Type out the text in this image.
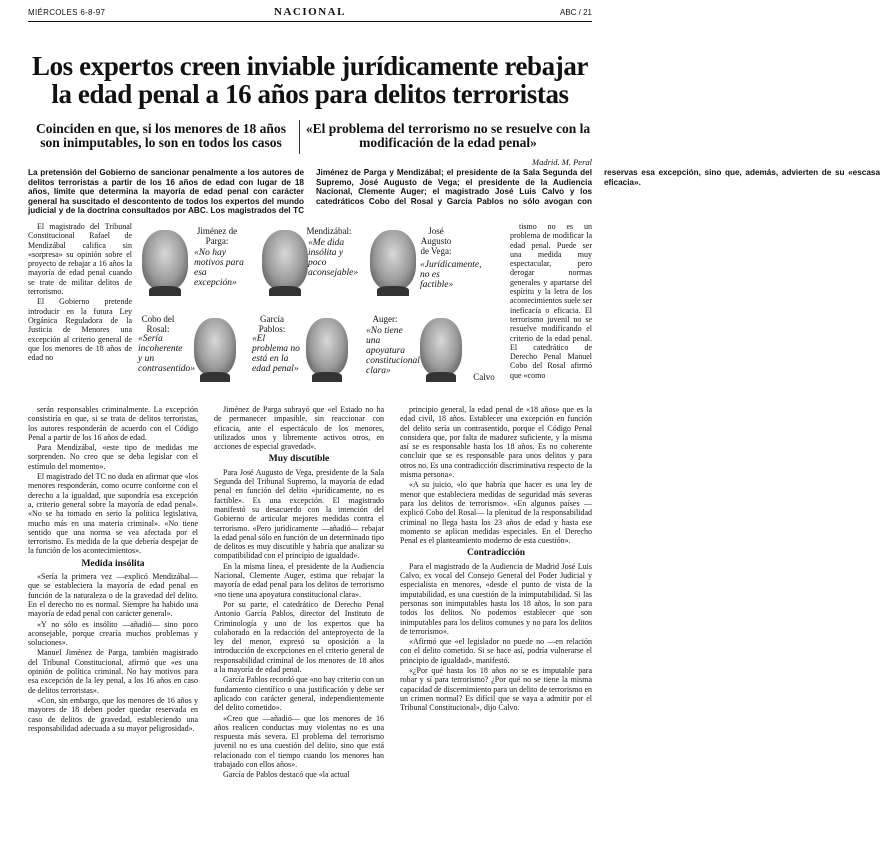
MIÉRCOLES 6-8-97	NACIONAL	ABC / 21
Los expertos creen inviable jurídicamente rebajar la edad penal a 16 años para delitos terroristas
Coinciden en que, si los menores de 18 años son inimputables, lo son en todos los casos
«El problema del terrorismo no se resuelve con la modificación de la edad penal»
Madrid. M. Peral
La pretensión del Gobierno de sancionar penalmente a los autores de delitos terroristas a partir de los 16 años de edad con lugar de 18 años, límite que determina la mayoría de edad penal con carácter general ha suscitado el descontento de todos los expertos del mundo judicial y de la doctrina consultados por ABC. Los magistrados del TC Jiménez de Parga y Mendizábal; el presidente de la Sala Segunda del Supremo, José Augusto de Vega; el presidente de la Audiencia Nacional, Clemente Auger; el magistrado José Luis Calvo y los catedráticos Cobo del Rosal y García Pablos no sólo avogan con reservas esa excepción, sino que, además, advierten de su «escasa eficacia».

El magistrado del Tribunal Constitucional Rafael de Mendizábal califica sin «sorpresa» su opinión sobre el proyecto de rebajar a 16 años la mayoría de edad penal cuando se trate de militar delitos de terrorismo.

El Gobierno pretende introducir en la futura Ley Orgánica Reguladora de la Justicia de Menores una excepción al criterio general de que los menores de 18 años de edad no

Jiménez de Parga:
«No hay motivos para esa excepción»
Mendizábal:
«Me dida insólita y poco aconsejable»
José Augusto de Vega:
«Jurídicamente, no es factible»
Cobo del Rosal:
«Sería incoherente y un contrasentido»
García Pablos:
«El problema no está en la edad penal»
Auger:
«No tiene una apoyatura constitucional clara»
Calvo

tismo no es un problema de modificar la edad penal. Puede ser una medida muy espectacular, pero derogar normas generales y apartarse del espíritu y la letra de los acontecimientos suele ser ineficacia o eficacia. El terrorismo juvenil no se resuelve modificando el criterio de la edad penal. El catedrático de Derecho Penal Manuel Cobo del Rosal afirmó que «como

serán responsables criminalmente. La excepción consistiría en que, si se trata de delitos terroristas, los autores responderán de acuerdo con el Código Penal a partir de los 16 años de edad.

Para Mendizábal, «este tipo de medidas me sorprenden. No creo que se deba legislar con el estímulo del momento».

El magistrado del TC no duda en afirmar que «los menores responderán, como ocurre conforme con el derecho a la igualdad, que supondría esa excepción a, criterio general sobre la mayoría de edad penal». «No se ha tomado en serio la política legislativa, mucho más en una materia criminal». «No tiene sentido que una norma se vea afectada por el terrorismo. Es medida de la que debería despejar de la función de los acontecimientos».

Medida insólita

«Sería la primera vez —explicó Mendizábal— que se estableciera la mayoría de edad penal en función de la naturaleza o de la gravedad del delito. En el derecho no es normal. Siempre ha habido una mayoría de edad penal con carácter general».

«Y no sólo es insólito —añadió— sino poco aconsejable, porque crearía muchos problemas y soluciones».

Manuel Jiménez de Parga, también magistrado del Tribunal Constitucional, afirmó que «es una opinión de política criminal. No hay motivos para esa excepción de la ley penal, a los 16 años en caso de delitos terroristas».

«Con, sin embargo, que los menores de 16 años y mayores de 18 deben poder quedar reservada en caso de delitos de gravedad, estableciendo una responsabilidad adecuada a su mayor peligrosidad».

Jiménez de Parga subrayó que «el Estado no ha de permanecer impasible, sin reaccionar con eficacia, ante el espectáculo de los menores, utilizados unos y libremente activos otros, en acciones de especial gravedad».

Muy discutible

Para José Augusto de Vega, presidente de la Sala Segunda del Tribunal Supremo, la mayoría de edad penal en función del delito «jurídicamente, no es factible». Es una excepción. El magistrado manifestó su desacuerdo con la intención del Gobierno de articular mejores medidas contra el terrorismo. «Pero jurídicamente —añadió— rebajar la edad penal sólo en función de un determinado tipo de delitos es muy discutible y habría que analizar su compatibilidad con el principio de igualdad».

En la misma línea, el presidente de la Audiencia Nacional, Clemente Auger, estima que rebajar la mayoría de edad penal para los delitos de terrorismo «no tiene una apoyatura constitucional clara».

Por su parte, el catedrático de Derecho Penal Antonio García Pablos, director del Instituto de Criminología y uno de los expertos que ha colaborado en la redacción del anteproyecto de la ley del menor, expresó su oposición a la introducción de excepciones en el criterio general de responsabilidad criminal de los menores de 18 años a la mayoría de edad penal.

García Pablos recordó que «no hay criterio con un fundamento científico o una justificación y debe ser aplicado con carácter general, independientemente del delito cometido».

«Creo que —añadió— que los menores de 16 años realicen conductas muy violentas no es una respuesta más severa. El problema del terrorismo juvenil no es una cuestión del delito, sino que está relacionado con el tiempo cuando los menores han trabajado con ellos años».

García de Pablos destacó que «la actual

principio general, la edad penal de «18 años» que es la edad civil, 18 años. Establecer una excepción en función del delito sería un contrasentido, porque el Código Penal considera que, por falta de madurez suficiente, y la misma así se es responsable hasta los 18 años. Es no coherente concluir que se es responsable para unos delitos y para otros no. Es una contradicción discriminativa respecto de la misma persona».

«A su juicio, «lo que habría que hacer es una ley de menor que estableciera medidas de seguridad más severas para los delitos de terrorismo». «En algunos países —explicó Cobo del Rosal— la plenitud de la responsabilidad criminal no llega hasta los 23 años de edad y hasta ese momento se aplican medidas especiales. En el Derecho Penal es el planteamiento moderno de esta cuestión».

Contradicción

Para el magistrado de la Audiencia de Madrid José Luis Calvo, ex vocal del Consejo General del Poder Judicial y especialista en menores, «desde el punto de vista de la imputabilidad, es una cuestión de la inimputabilidad. Si las personas son inimputables hasta los 18 años, lo son para todos los delitos. No podemos establecer que son inimputables para los delitos comunes y no para los delitos de terrorismo».

«Afirmó que «el legislador no puede no —en relación con el delito cometido. Si se hace así, podría vulnerarse el principio de igualdad», manifestó.

«¿Por qué hasta los 18 años no se es imputable para robar y sí para terrorismo? ¿Por qué no se tiene la misma capacidad de discernimiento para un delito de terrorismo en un crimen normal? Es difícil que se vaya a admitir por el Tribunal Constitucional», dijo Calvo.
